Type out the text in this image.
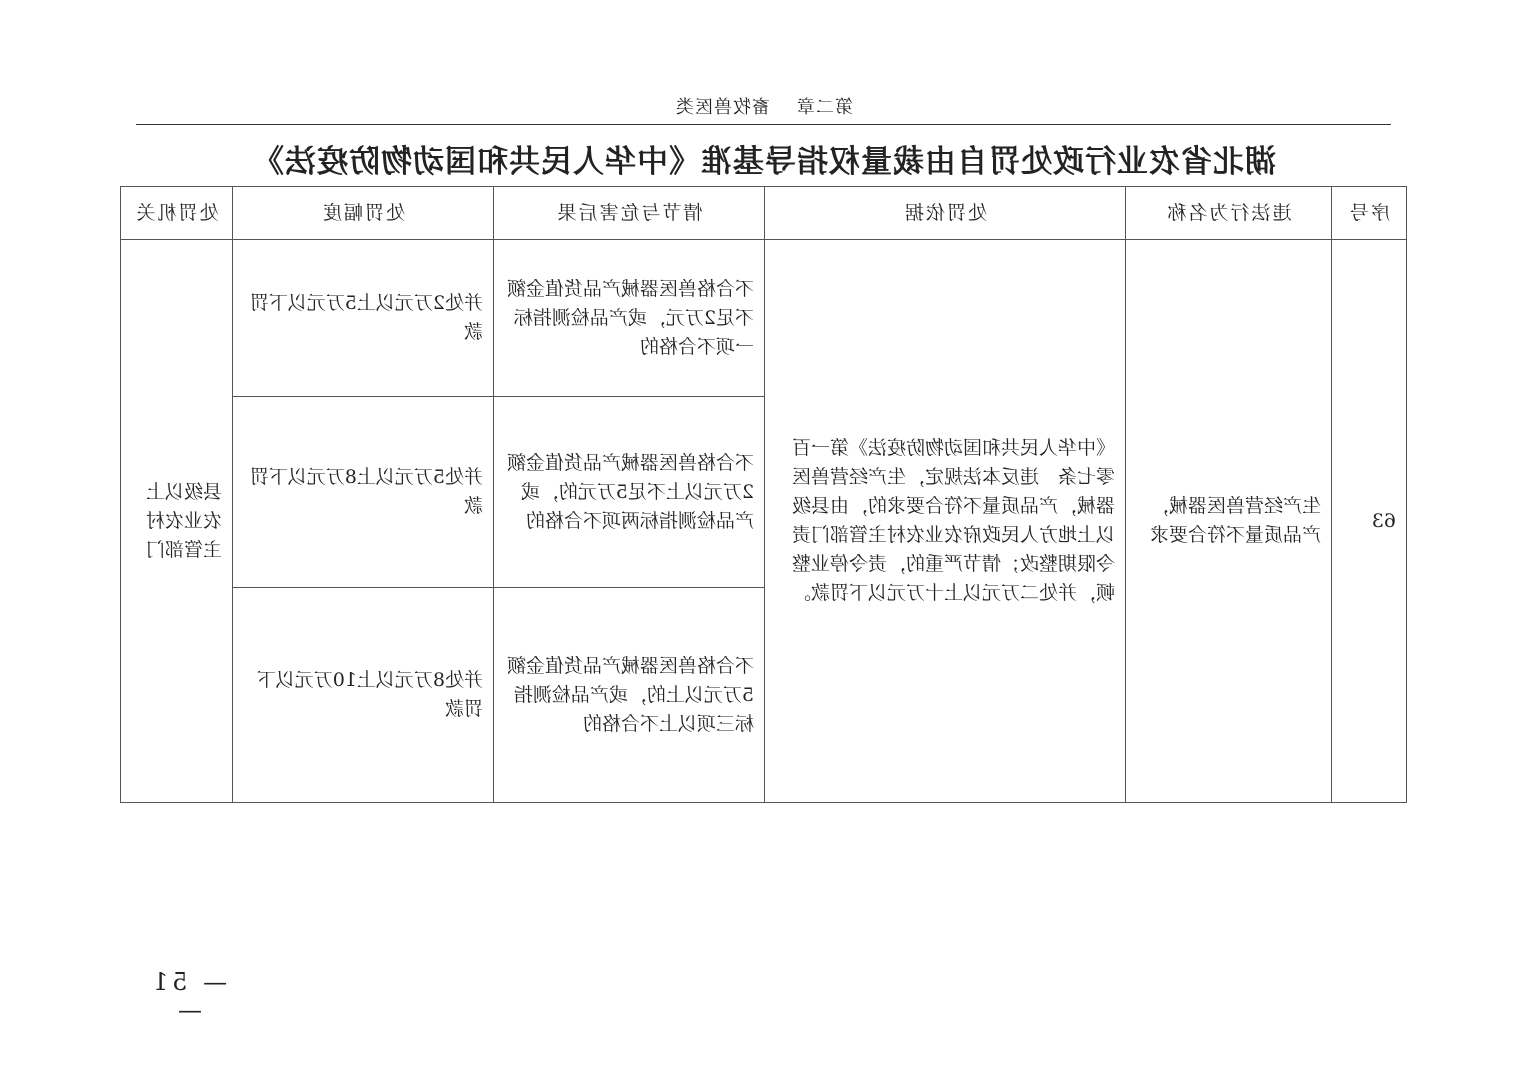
第二章畜牧兽医类
湖北省农业行政处罚自由裁量权指导基准《中华人民共和国动物防疫法》
序号	违法行为名称	处罚依据	情节与危害后果	处罚幅度	处罚机关
63	生产经营兽医器械，产品质量不符合要求	《中华人民共和国动物防疫法》第一百零七条　违反本法规定，生产经营兽医器械，产品质量不符合要求的，由县级以上地方人民政府农业农村主管部门责令限期整改；情节严重的，责令停业整顿，并处二万元以上十万元以下罚款。	不合格兽医器械产品货值金额不足2万元，或产品检测指标一项不合格的	并处2万元以上5万元以下罚款	县级以上农业农村主管部门
			不合格兽医器械产品货值金额2万元以上不足5万元的，或产品检测指标两项不合格的	并处5万元以上8万元以下罚款	
			不合格兽医器械产品货值金额5万元以上的，或产品检测指标三项以上不合格的	并处8万元以上10万元以下罚款	
— 51 —
